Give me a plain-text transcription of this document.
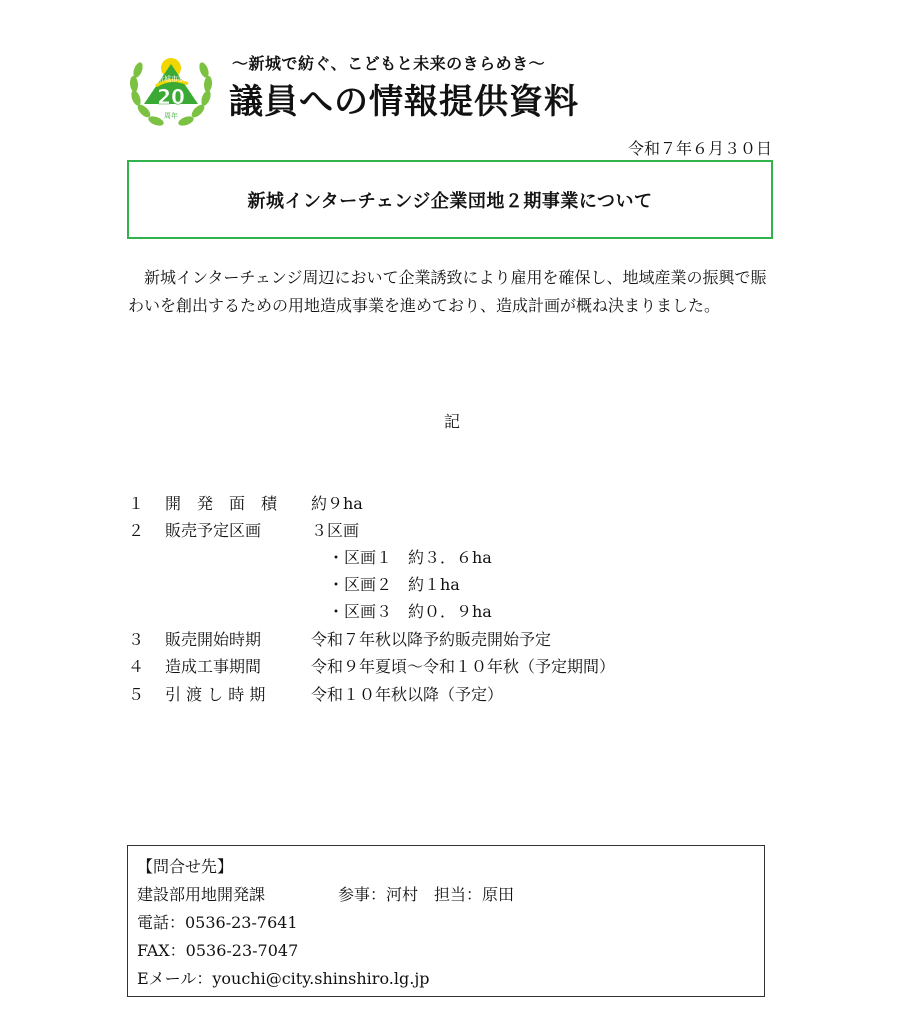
新城市制
20
周年
〜新城で紡ぐ、こどもと未来のきらめき〜
議員への情報提供資料
令和７年６月３０日
新城インターチェンジ企業団地２期事業について

新城インターチェンジ周辺において企業誘致により雇用を確保し、地域産業の振興で賑わいを創出するための用地造成事業を進めており、造成計画が概ね決まりました。

記
１ 開　発　面　積 約９ha
２ 販売予定区画	３区画
・区画１　約３．６ha
・区画２　約１ha
・区画３　約０．９ha
３ 販売開始時期	令和７年秋以降予約販売開始予定
４ 造成工事期間	令和９年夏頃〜令和１０年秋（予定期間）
５ 引 渡 し 時 期	令和１０年秋以降（予定）
【問合せ先】
建設部用地開発課	参事：河村　担当：原田
電話：0536-23-7641
FAX：0536-23-7047
Eメール：youchi@city.shinshiro.lg.jp
